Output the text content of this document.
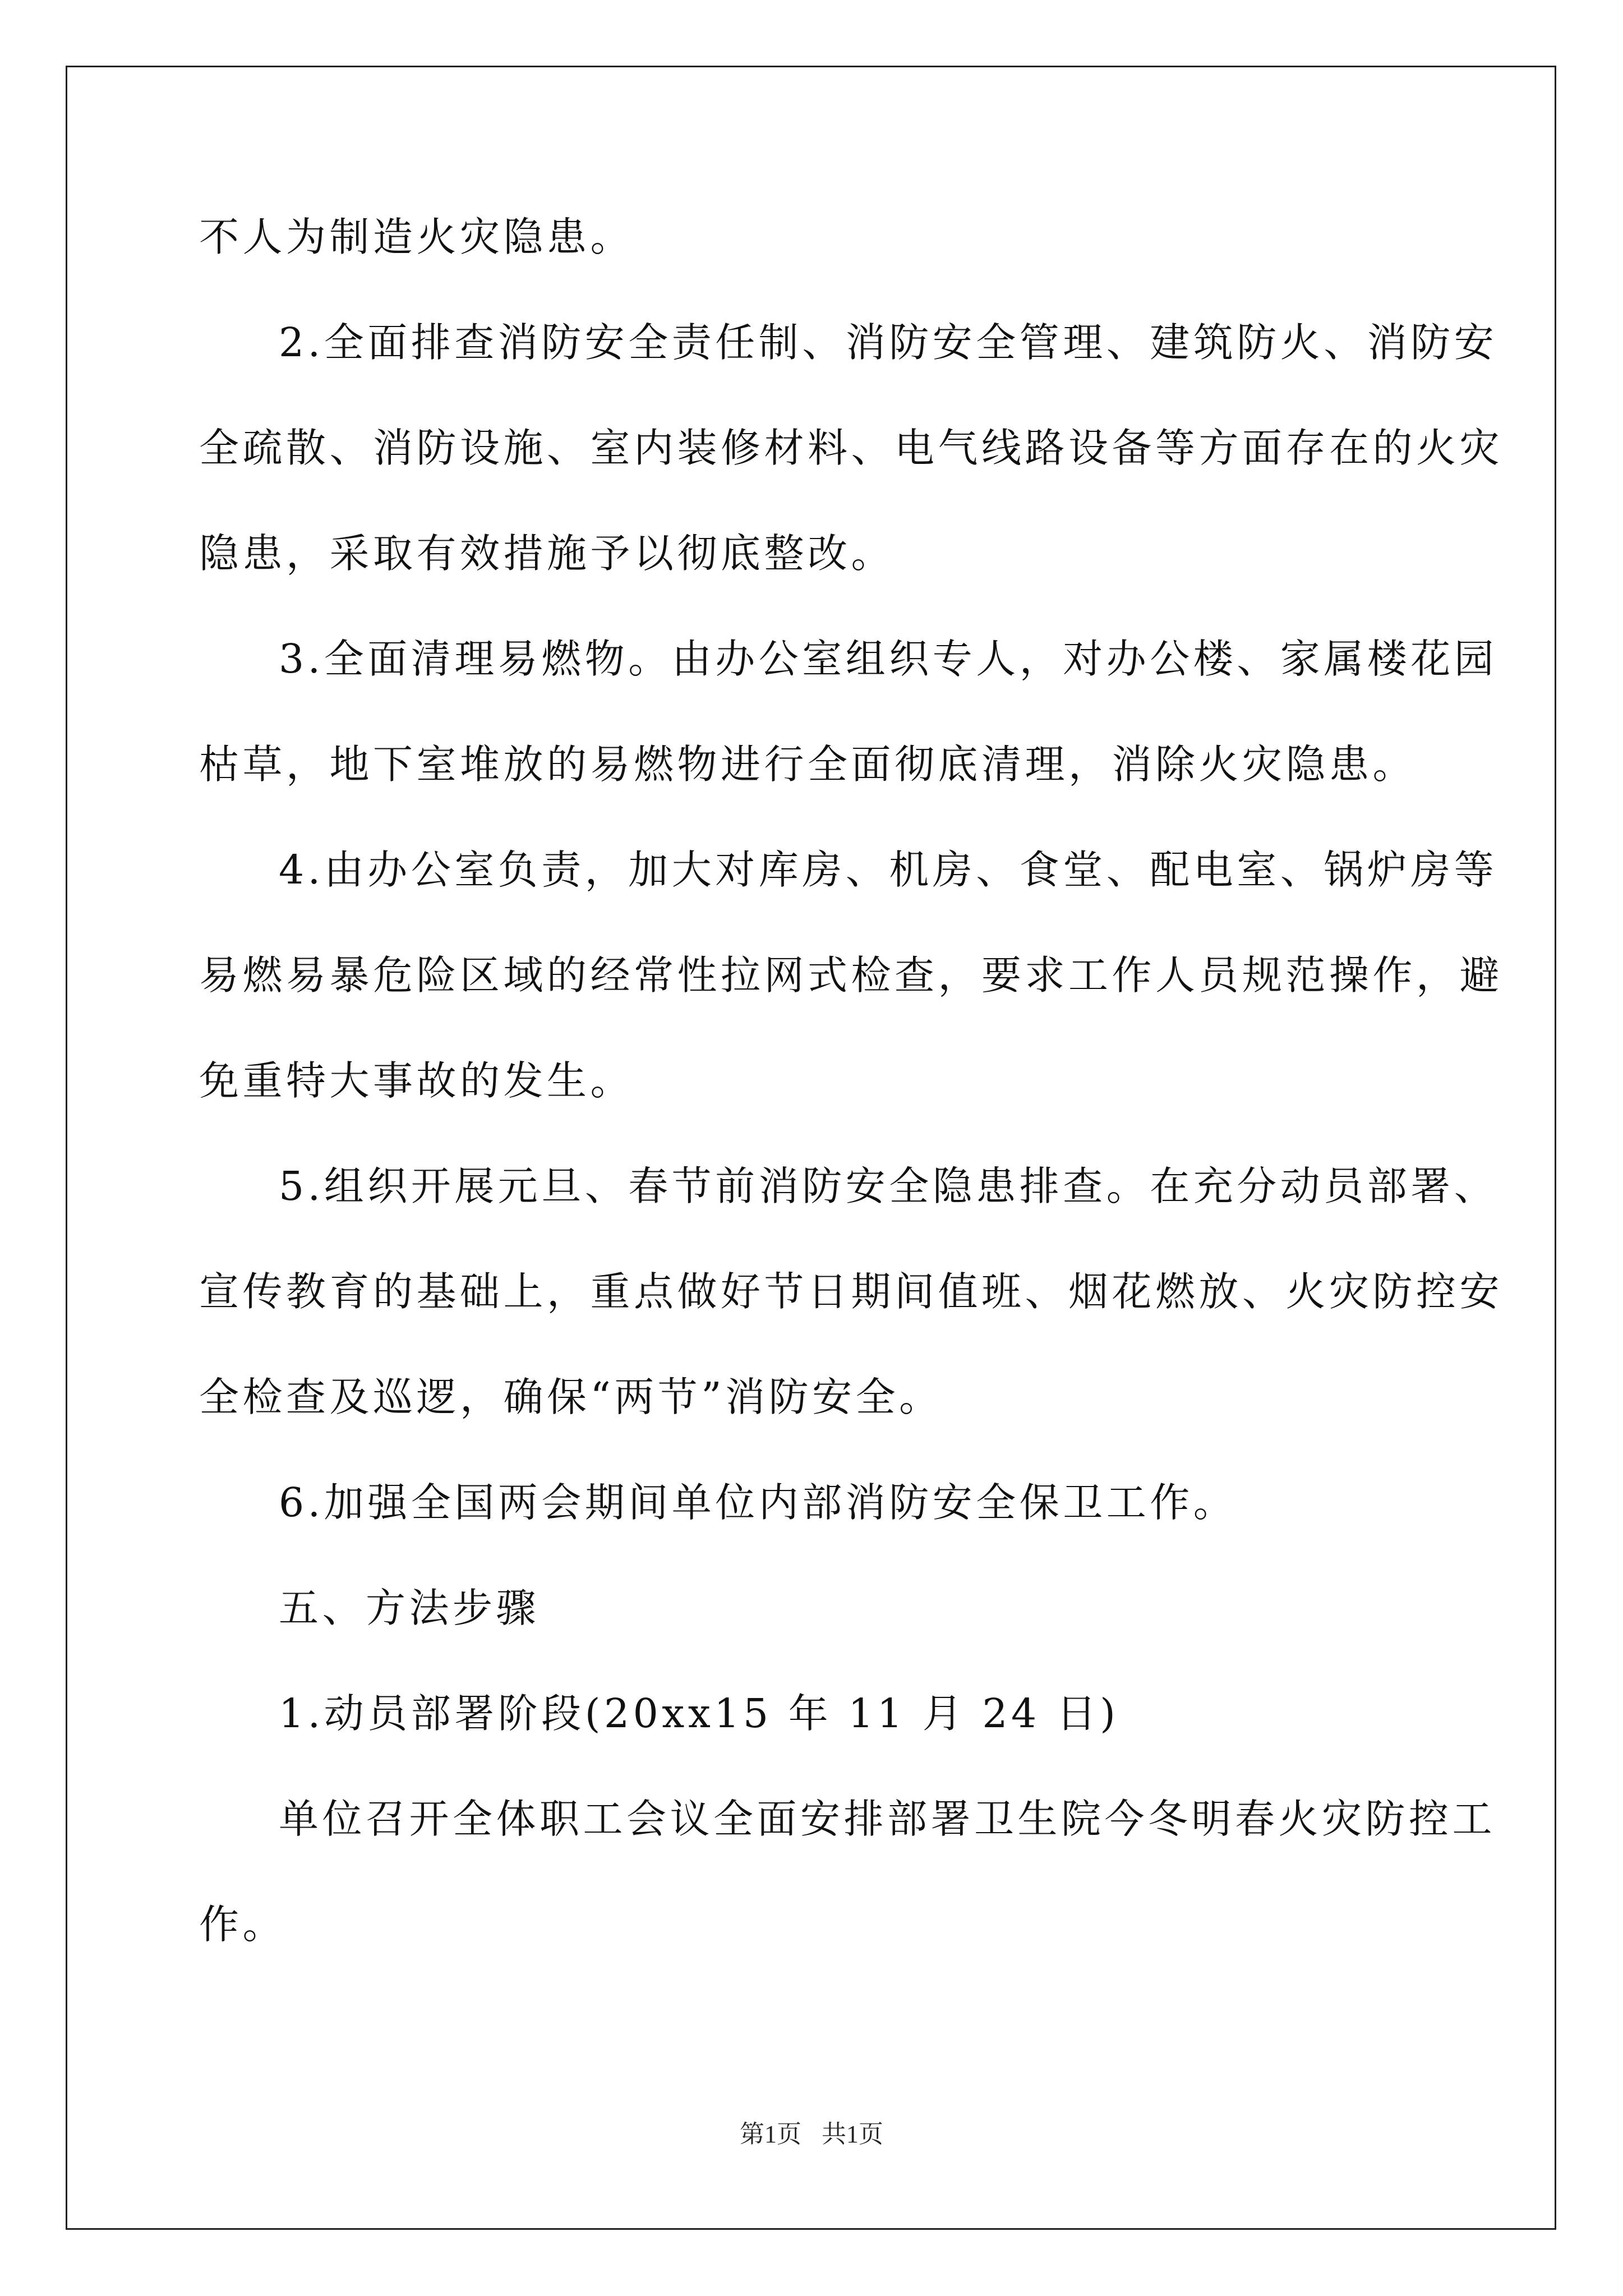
不人为制造火灾隐患。
2.全面排查消防安全责任制、消防安全管理、建筑防火、消防安
全疏散、消防设施、室内装修材料、电气线路设备等方面存在的火灾
隐患，采取有效措施予以彻底整改。
3.全面清理易燃物。由办公室组织专人，对办公楼、家属楼花园
枯草，地下室堆放的易燃物进行全面彻底清理，消除火灾隐患。
4.由办公室负责，加大对库房、机房、食堂、配电室、锅炉房等
易燃易暴危险区域的经常性拉网式检查，要求工作人员规范操作，避
免重特大事故的发生。
5.组织开展元旦、春节前消防安全隐患排查。在充分动员部署、
宣传教育的基础上，重点做好节日期间值班、烟花燃放、火灾防控安
全检查及巡逻，确保“两节”消防安全。
6.加强全国两会期间单位内部消防安全保卫工作。
五、方法步骤
1.动员部署阶段(20xx15 年 11 月 24 日)
单位召开全体职工会议全面安排部署卫生院今冬明春火灾防控工
作。
第1页 共1页
